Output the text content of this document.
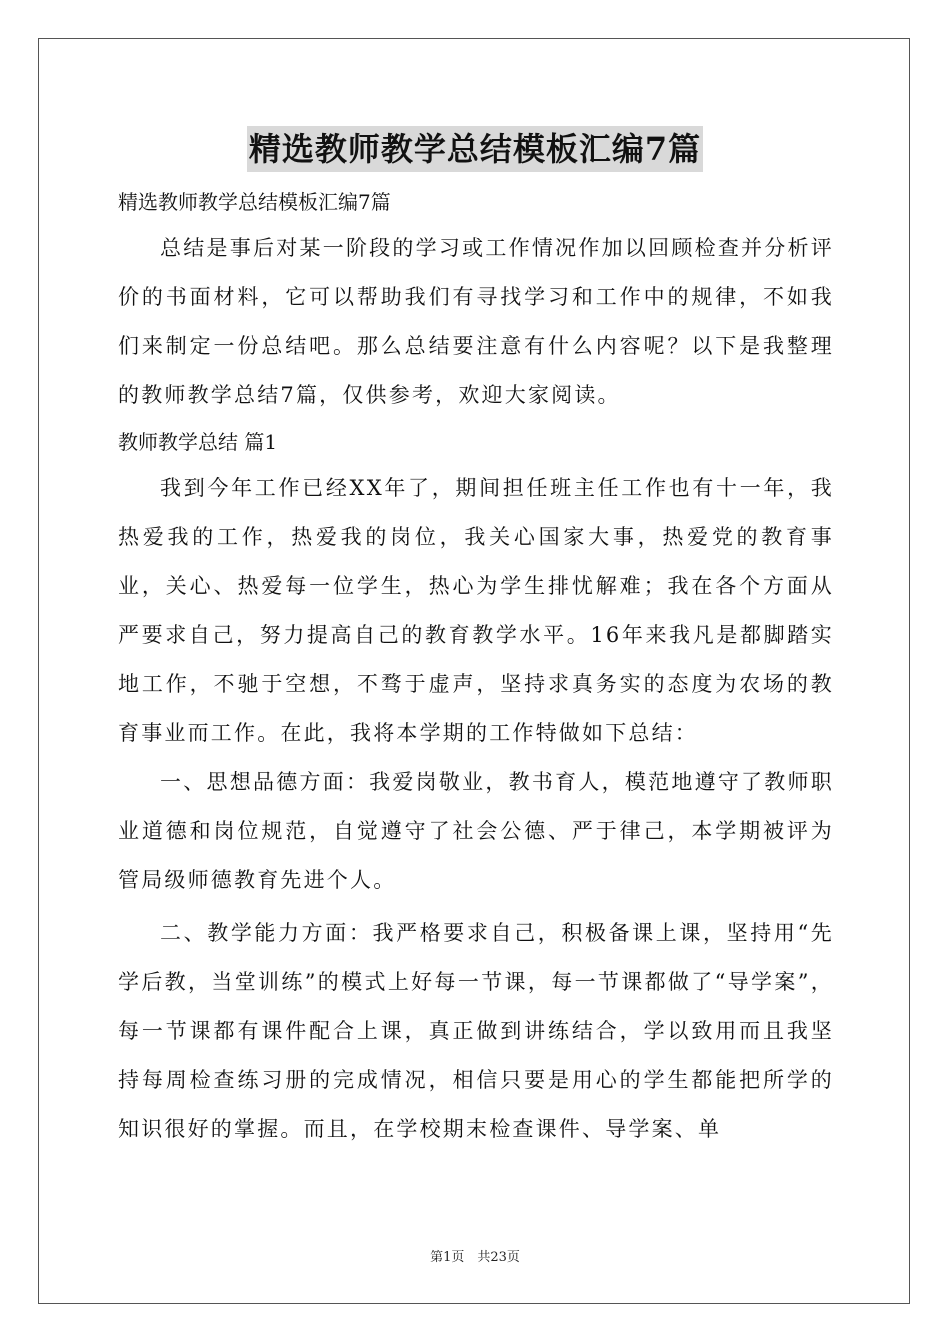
精选教师教学总结模板汇编7篇

精选教师教学总结模板汇编7篇

总结是事后对某一阶段的学习或工作情况作加以回顾检查并分析评价的书面材料，它可以帮助我们有寻找学习和工作中的规律，不如我们来制定一份总结吧。那么总结要注意有什么内容呢？以下是我整理的教师教学总结7篇，仅供参考，欢迎大家阅读。

教师教学总结 篇1

我到今年工作已经XX年了，期间担任班主任工作也有十一年，我热爱我的工作，热爱我的岗位，我关心国家大事，热爱党的教育事业，关心、热爱每一位学生，热心为学生排忧解难；我在各个方面从严要求自己，努力提高自己的教育教学水平。16年来我凡是都脚踏实地工作，不驰于空想，不骛于虚声，坚持求真务实的态度为农场的教育事业而工作。在此，我将本学期的工作特做如下总结：

一、思想品德方面：我爱岗敬业，教书育人，模范地遵守了教师职业道德和岗位规范，自觉遵守了社会公德、严于律己，本学期被评为管局级师德教育先进个人。

二、教学能力方面：我严格要求自己，积极备课上课，坚持用“先学后教，当堂训练”的模式上好每一节课，每一节课都做了“导学案”，每一节课都有课件配合上课，真正做到讲练结合，学以致用而且我坚持每周检查练习册的完成情况，相信只要是用心的学生都能把所学的知识很好的掌握。而且，在学校期末检查课件、导学案、单

第1页　共23页
